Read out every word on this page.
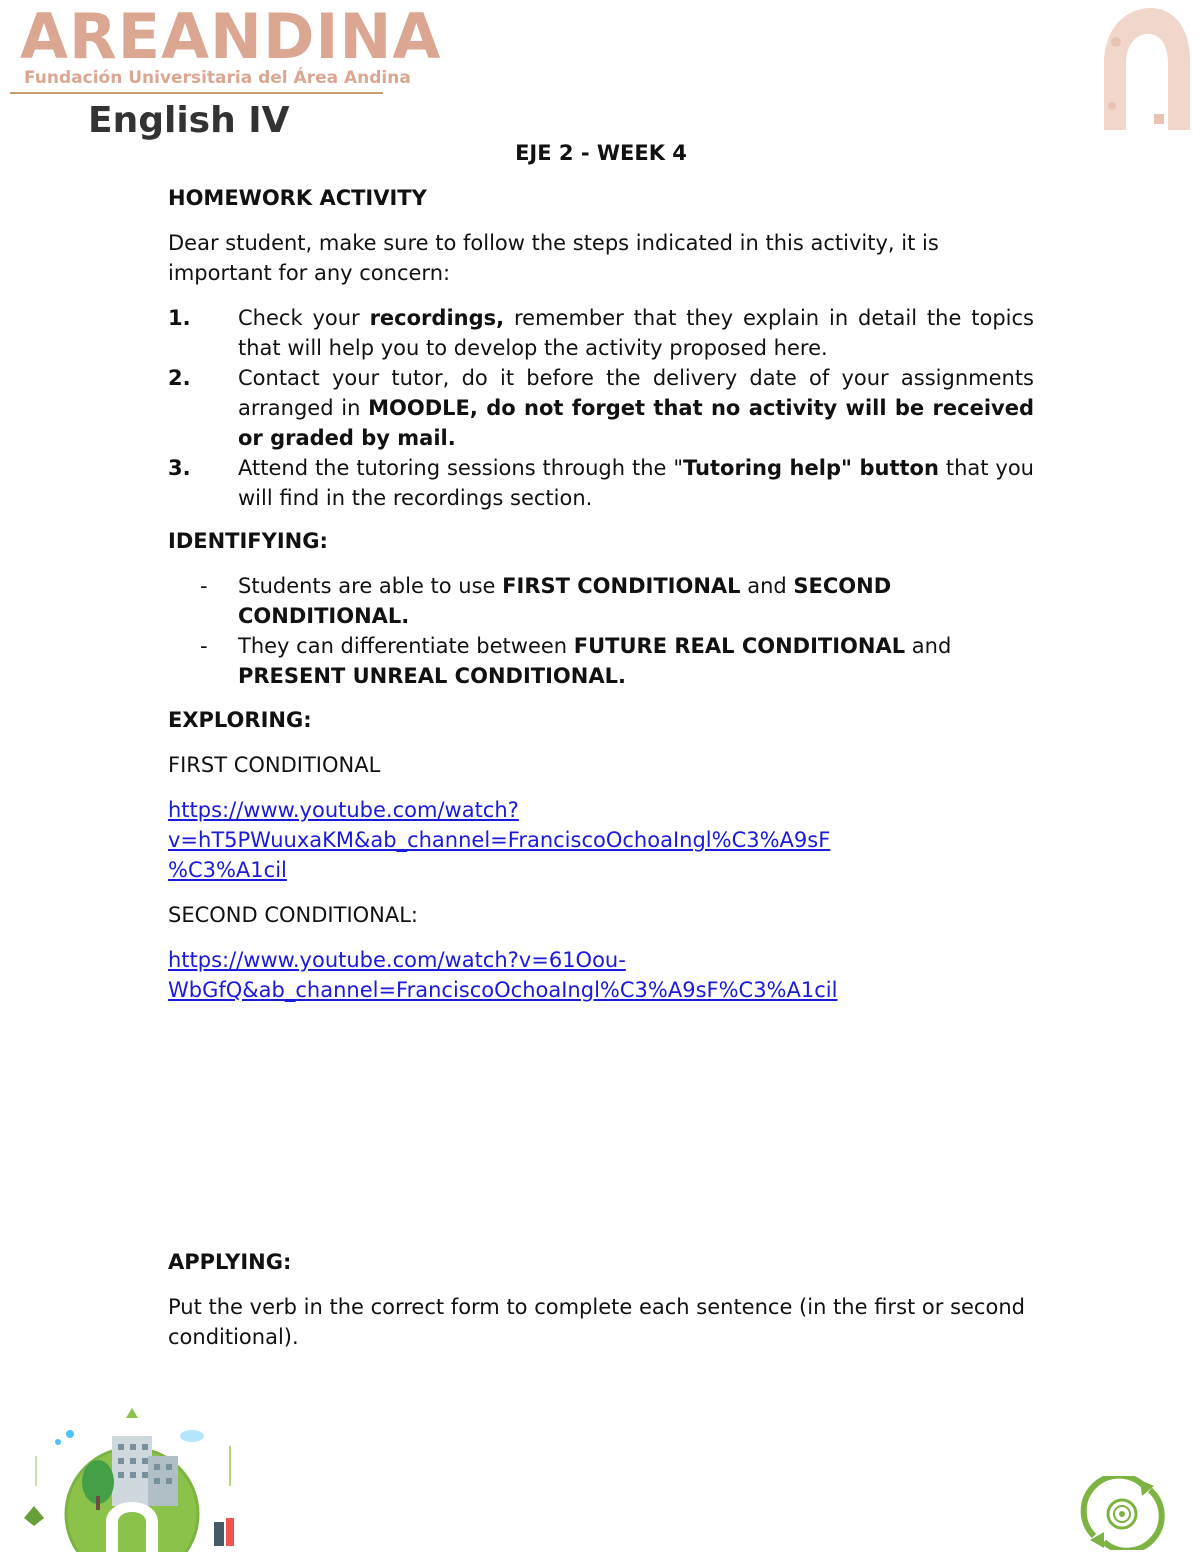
AREANDINA
Fundación Universitaria del Área Andina
English IV
EJE 2 - WEEK 4

HOMEWORK ACTIVITY

Dear student, make sure to follow the steps indicated in this activity, it is important for any concern:

1.	Check your recordings, remember that they explain in detail the topics that will help you to develop the activity proposed here.
2.	Contact your tutor, do it before the delivery date of your assignments arranged in MOODLE, do not forget that no activity will be received or graded by mail.
3.	Attend the tutoring sessions through the "Tutoring help" button that you will find in the recordings section.

IDENTIFYING:

-	Students are able to use FIRST CONDITIONAL and SECOND CONDITIONAL.
-	They can differentiate between FUTURE REAL CONDITIONAL and PRESENT UNREAL CONDITIONAL.

EXPLORING:

FIRST CONDITIONAL

https://www.youtube.com/watch?
v=hT5PWuuxaKM&ab_channel=FranciscoOchoaIngl%C3%A9sF
%C3%A1cil

SECOND CONDITIONAL:

https://www.youtube.com/watch?v=61Oou-
WbGfQ&ab_channel=FranciscoOchoaIngl%C3%A9sF%C3%A1cil

APPLYING:

Put the verb in the correct form to complete each sentence (in the first or second conditional).
